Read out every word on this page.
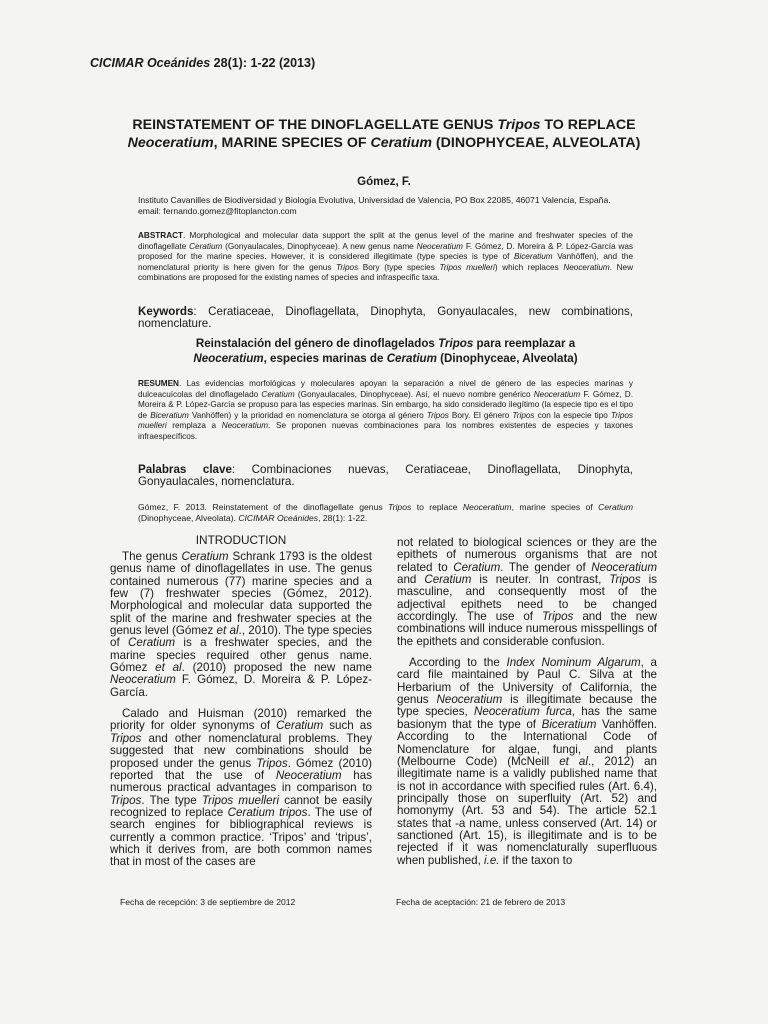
CICIMAR Oceánides 28(1): 1-22 (2013)
REINSTATEMENT OF THE DINOFLAGELLATE GENUS Tripos TO REPLACE Neoceratium, MARINE SPECIES OF Ceratium (DINOPHYCEAE, ALVEOLATA)
Gómez, F.
Instituto Cavanilles de Biodiversidad y Biología Evolutiva, Universidad de Valencia, PO Box 22085, 46071 Valencia, España. email: fernando.gomez@fitoplancton.com
ABSTRACT. Morphological and molecular data support the split at the genus level of the marine and freshwater species of the dinoflagellate Ceratium (Gonyaulacales, Dinophyceae). A new genus name Neoceratium F. Gómez, D. Moreira & P. López-García was proposed for the marine species. However, it is considered illegitimate (type species is type of Biceratium Vanhöffen), and the nomenclatural priority is here given for the genus Tripos Bory (type species Tripos muelleri) which replaces Neoceratium. New combinations are proposed for the existing names of species and infraspecific taxa.
Keywords: Ceratiaceae, Dinoflagellata, Dinophyta, Gonyaulacales, new combinations, nomenclature.
Reinstalación del género de dinoflagelados Tripos para reemplazar a
Neoceratium, especies marinas de Ceratium (Dinophyceae, Alveolata)
RESUMEN. Las evidencias morfológicas y moleculares apoyan la separación a nivel de género de las especies marinas y dulceacuícolas del dinoflagelado Ceratium (Gonyaulacales, Dinophyceae). Así, el nuevo nombre genérico Neoceratium F. Gómez, D. Moreira & P. López-García se propuso para las especies marinas. Sin embargo, ha sido considerado ilegítimo (la especie tipo es el tipo de Biceratium Vanhöffen) y la prioridad en nomenclatura se otorga al género Tripos Bory. El género Tripos con la especie tipo Tripos muelleri remplaza a Neoceratium. Se proponen nuevas combinaciones para los nombres existentes de especies y taxones infraespecíficos.
Palabras clave: Combinaciones nuevas, Ceratiaceae, Dinoflagellata, Dinophyta, Gonyaulacales, nomenclatura.
Gómez, F. 2013. Reinstatement of the dinoflagellate genus Tripos to replace Neoceratium, marine species of Ceratium (Dinophyceae, Alveolata). CICIMAR Oceánides, 28(1): 1-22.
INTRODUCTION

The genus Ceratium Schrank 1793 is the oldest genus name of dinoflagellates in use. The genus contained numerous (77) marine species and a few (7) freshwater species (Gómez, 2012). Morphological and molecular data supported the split of the marine and freshwater species at the genus level (Gómez et al., 2010). The type species of Ceratium is a freshwater species, and the marine species required other genus name. Gómez et al. (2010) proposed the new name Neoceratium F. Gómez, D. Moreira & P. López-García.

Calado and Huisman (2010) remarked the priority for older synonyms of Ceratium such as Tripos and other nomenclatural problems. They suggested that new combinations should be proposed under the genus Tripos. Gómez (2010) reported that the use of Neoceratium has numerous practical advantages in comparison to Tripos. The type Tripos muelleri cannot be easily recognized to replace Ceratium tripos. The use of search engines for bibliographical reviews is currently a common practice. ‘Tripos’ and ‘tripus’, which it derives from, are both common names that in most of the cases are

not related to biological sciences or they are the epithets of numerous organisms that are not related to Ceratium. The gender of Neoceratium and Ceratium is neuter. In contrast, Tripos is masculine, and consequently most of the adjectival epithets need to be changed accordingly. The use of Tripos and the new combinations will induce numerous misspellings of the epithets and considerable confusion.

According to the Index Nominum Algarum, a card file maintained by Paul C. Silva at the Herbarium of the University of California, the genus Neoceratium is illegitimate because the type species, Neoceratium furca, has the same basionym that the type of Biceratium Vanhöffen. According to the International Code of Nomenclature for algae, fungi, and plants (Melbourne Code) (McNeill et al., 2012) an illegitimate name is a validly published name that is not in accordance with specified rules (Art. 6.4), principally those on superfluity (Art. 52) and homonymy (Art. 53 and 54). The article 52.1 states that -a name, unless conserved (Art. 14) or sanctioned (Art. 15), is illegitimate and is to be rejected if it was nomenclaturally superfluous when published, i.e. if the taxon to

Fecha de recepción: 3 de septiembre de 2012	Fecha de aceptación: 21 de febrero de 2013
